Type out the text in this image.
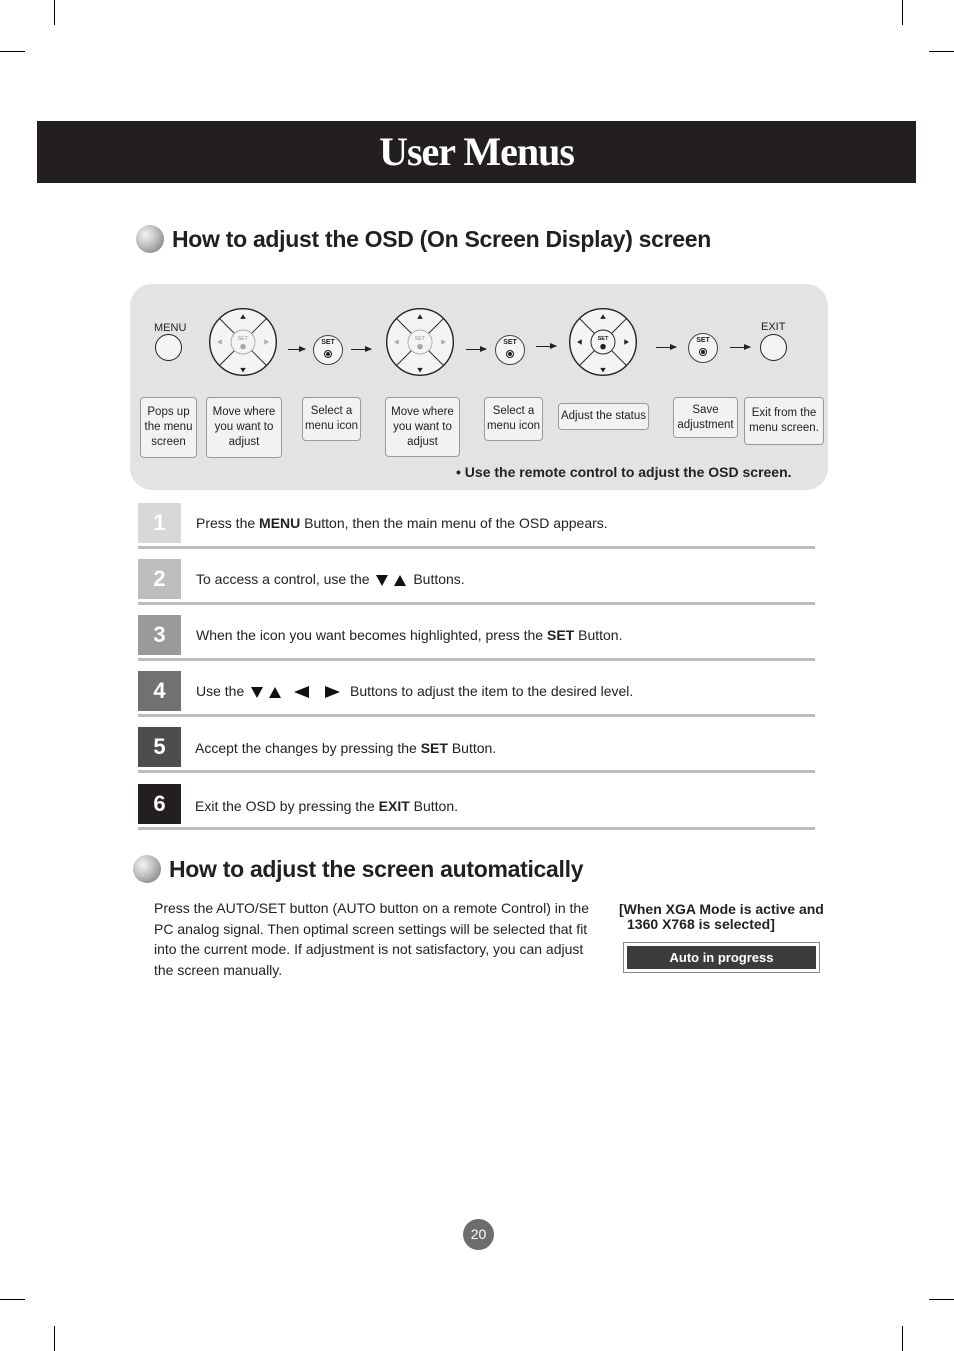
User Menus
How to adjust the OSD (On Screen Display) screen
MENU
SET	SET	SET	SET	SET	SET
EXIT
Pops up the menu screen
Move where you want to adjust
Select a menu icon
Move where you want to adjust
Select a menu icon
Adjust the status
Save adjustment
Exit from the menu screen.
• Use the remote control to adjust the OSD screen.
1	Press the MENU Button, then the main menu of the OSD appears.
2	To access a control, use the	Buttons.
3	When the icon you want becomes highlighted, press the SET Button.
4	Use the	Buttons to adjust the item to the desired level.
5	Accept the changes by pressing the SET Button.
6	Exit the OSD by pressing the EXIT Button.
How to adjust the screen automatically
Press the AUTO/SET button (AUTO button on a remote Control) in the PC analog signal. Then optimal screen settings will be selected that fit into the current mode. If adjustment is not satisfactory, you can adjust the screen manually.
[When XGA Mode is active and
1360 X768 is selected]
Auto in progress
20
